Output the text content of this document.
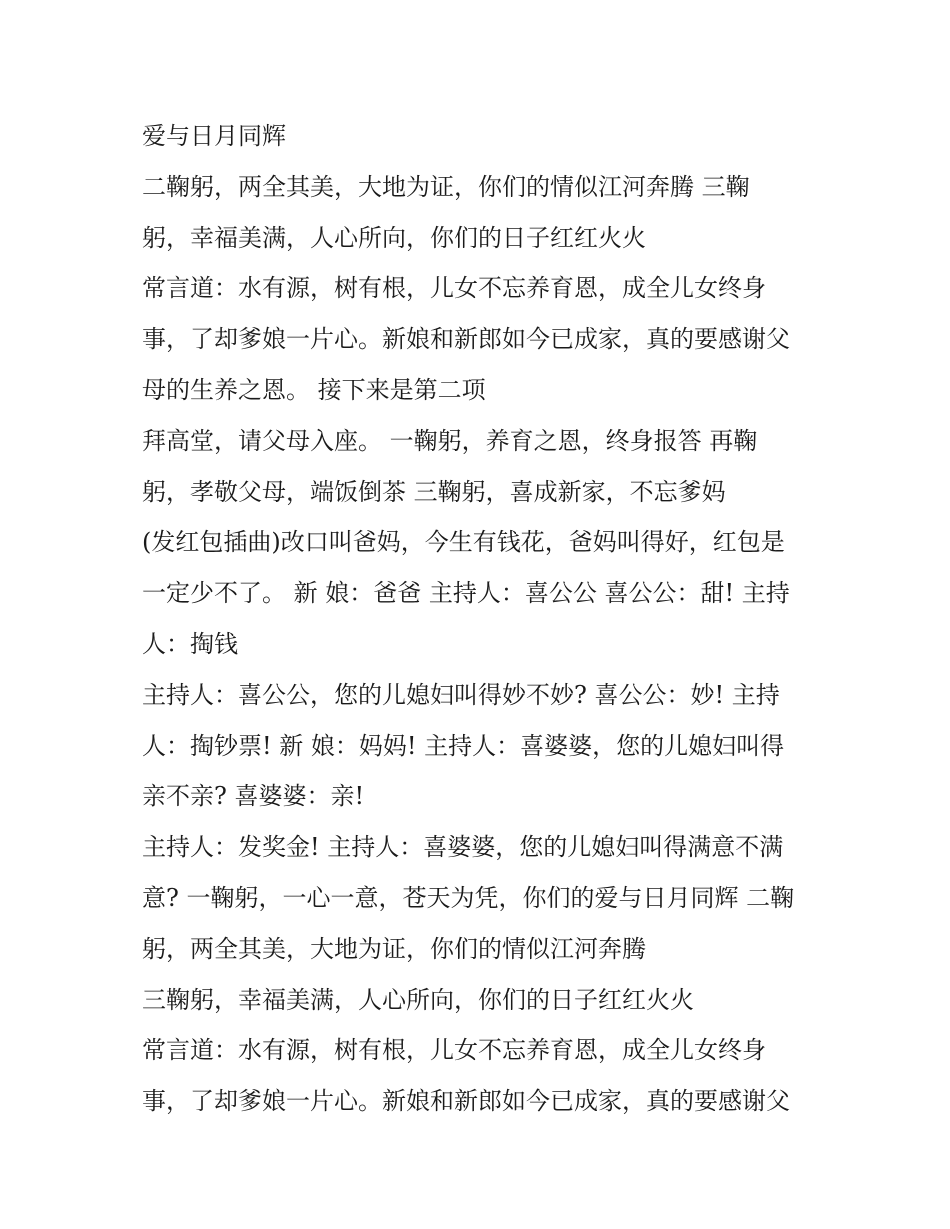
爱与日月同辉
二鞠躬，两全其美，大地为证，你们的情似江河奔腾 三鞠
躬，幸福美满，人心所向，你们的日子红红火火
常言道：水有源，树有根，儿女不忘养育恩，成全儿女终身
事，了却爹娘一片心。新娘和新郎如今已成家，真的要感谢父
母的生养之恩。 接下来是第二项
拜高堂，请父母入座。 一鞠躬，养育之恩，终身报答 再鞠
躬，孝敬父母，端饭倒茶 三鞠躬，喜成新家，不忘爹妈
(发红包插曲)改口叫爸妈，今生有钱花，爸妈叫得好，红包是
一定少不了。 新 娘：爸爸 主持人：喜公公 喜公公：甜! 主持
人：掏钱
主持人：喜公公，您的儿媳妇叫得妙不妙? 喜公公：妙! 主持
人：掏钞票! 新 娘：妈妈! 主持人：喜婆婆，您的儿媳妇叫得
亲不亲? 喜婆婆：亲!
主持人：发奖金! 主持人：喜婆婆，您的儿媳妇叫得满意不满
意? 一鞠躬，一心一意，苍天为凭，你们的爱与日月同辉 二鞠
躬，两全其美，大地为证，你们的情似江河奔腾
三鞠躬，幸福美满，人心所向，你们的日子红红火火
常言道：水有源，树有根，儿女不忘养育恩，成全儿女终身
事，了却爹娘一片心。新娘和新郎如今已成家，真的要感谢父
